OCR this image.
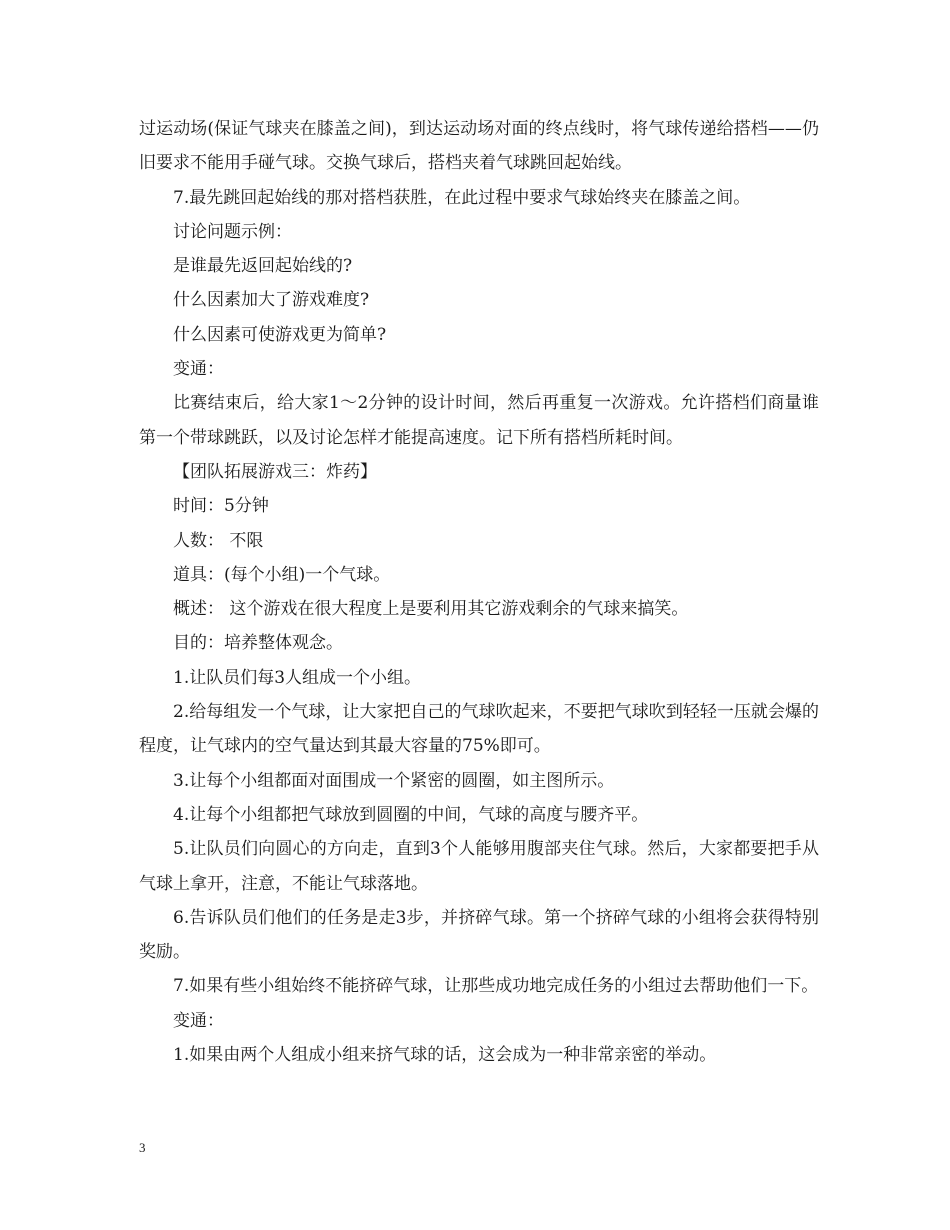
过运动场(保证气球夹在膝盖之间)，到达运动场对面的终点线时，将气球传递给搭档——仍旧要求不能用手碰气球。交换气球后，搭档夹着气球跳回起始线。

7.最先跳回起始线的那对搭档获胜，在此过程中要求气球始终夹在膝盖之间。

讨论问题示例：

是谁最先返回起始线的?

什么因素加大了游戏难度?

什么因素可使游戏更为简单?

变通：

比赛结束后，给大家1～2分钟的设计时间，然后再重复一次游戏。允许搭档们商量谁第一个带球跳跃，以及讨论怎样才能提高速度。记下所有搭档所耗时间。

【团队拓展游戏三：炸药】

时间：5分钟

人数： 不限

道具：(每个小组)一个气球。

概述： 这个游戏在很大程度上是要利用其它游戏剩余的气球来搞笑。

目的：培养整体观念。

1.让队员们每3人组成一个小组。

2.给每组发一个气球，让大家把自己的气球吹起来，不要把气球吹到轻轻一压就会爆的程度，让气球内的空气量达到其最大容量的75%即可。

3.让每个小组都面对面围成一个紧密的圆圈，如主图所示。

4.让每个小组都把气球放到圆圈的中间，气球的高度与腰齐平。

5.让队员们向圆心的方向走，直到3个人能够用腹部夹住气球。然后，大家都要把手从气球上拿开，注意，不能让气球落地。

6.告诉队员们他们的任务是走3步，并挤碎气球。第一个挤碎气球的小组将会获得特别奖励。

7.如果有些小组始终不能挤碎气球，让那些成功地完成任务的小组过去帮助他们一下。

变通：

1.如果由两个人组成小组来挤气球的话，这会成为一种非常亲密的举动。

3
